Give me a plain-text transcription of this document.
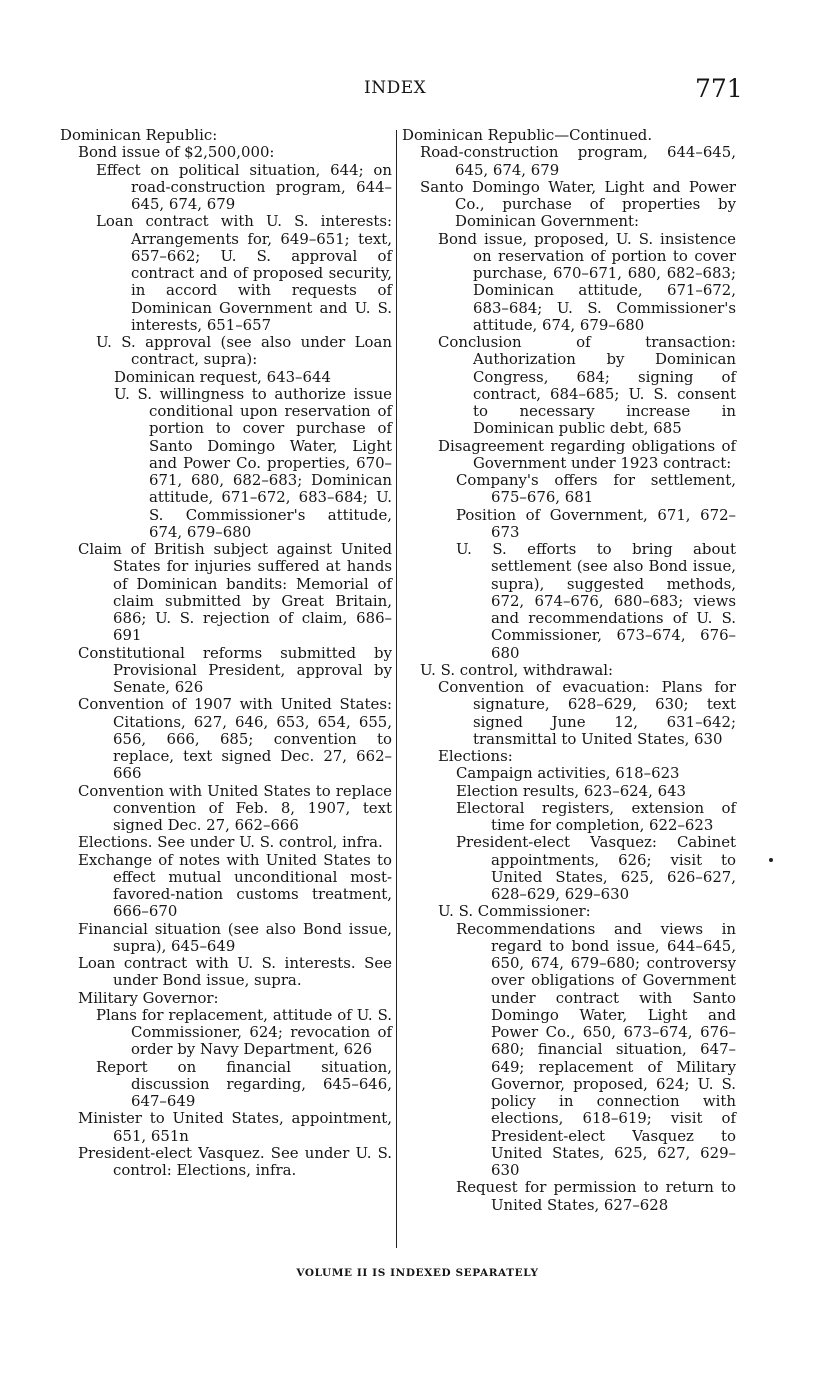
INDEX	771
Dominican Republic:
Bond issue of $2,500,000:
Effect on political situation, 644; on road-construction program, 644–645, 674, 679
Loan contract with U. S. interests: Arrangements for, 649–651; text, 657–662; U. S. approval of contract and of proposed security, in accord with requests of Dominican Government and U. S. interests, 651–657
U. S. approval (see also under Loan contract, supra):
Dominican request, 643–644
U. S. willingness to authorize issue conditional upon reservation of portion to cover purchase of Santo Domingo Water, Light and Power Co. properties, 670–671, 680, 682–683; Dominican attitude, 671–672, 683–684; U. S. Commissioner's attitude, 674, 679–680
Claim of British subject against United States for injuries suffered at hands of Dominican bandits: Memorial of claim submitted by Great Britain, 686; U. S. rejection of claim, 686–691
Constitutional reforms submitted by Provisional President, approval by Senate, 626
Convention of 1907 with United States: Citations, 627, 646, 653, 654, 655, 656, 666, 685; convention to replace, text signed Dec. 27, 662–666
Convention with United States to replace convention of Feb. 8, 1907, text signed Dec. 27, 662–666
Elections. See under U. S. control, infra.
Exchange of notes with United States to effect mutual unconditional most-favored-nation customs treatment, 666–670
Financial situation (see also Bond issue, supra), 645–649
Loan contract with U. S. interests. See under Bond issue, supra.
Military Governor:
Plans for replacement, attitude of U. S. Commissioner, 624; revocation of order by Navy Department, 626
Report on financial situation, discussion regarding, 645–646, 647–649
Minister to United States, appointment, 651, 651n
President-elect Vasquez. See under U. S. control: Elections, infra.
Dominican Republic—Continued.
Road-construction program, 644–645, 645, 674, 679
Santo Domingo Water, Light and Power Co., purchase of properties by Dominican Government:
Bond issue, proposed, U. S. insistence on reservation of portion to cover purchase, 670–671, 680, 682–683; Dominican attitude, 671–672, 683–684; U. S. Commissioner's attitude, 674, 679–680
Conclusion of transaction: Authorization by Dominican Congress, 684; signing of contract, 684–685; U. S. consent to necessary increase in Dominican public debt, 685
Disagreement regarding obligations of Government under 1923 contract:
Company's offers for settlement, 675–676, 681
Position of Government, 671, 672–673
U. S. efforts to bring about settlement (see also Bond issue, supra), suggested methods, 672, 674–676, 680–683; views and recommendations of U. S. Commissioner, 673–674, 676–680
U. S. control, withdrawal:
Convention of evacuation: Plans for signature, 628–629, 630; text signed June 12, 631–642; transmittal to United States, 630
Elections:
Campaign activities, 618–623
Election results, 623–624, 643
Electoral registers, extension of time for completion, 622–623
President-elect Vasquez: Cabinet appointments, 626; visit to United States, 625, 626–627, 628–629, 629–630
U. S. Commissioner:
Recommendations and views in regard to bond issue, 644–645, 650, 674, 679–680; controversy over obligations of Government under contract with Santo Domingo Water, Light and Power Co., 650, 673–674, 676–680; financial situation, 647–649; replacement of Military Governor, proposed, 624; U. S. policy in connection with elections, 618–619; visit of President-elect Vasquez to United States, 625, 627, 629–630
Request for permission to return to United States, 627–628
VOLUME II IS INDEXED SEPARATELY
